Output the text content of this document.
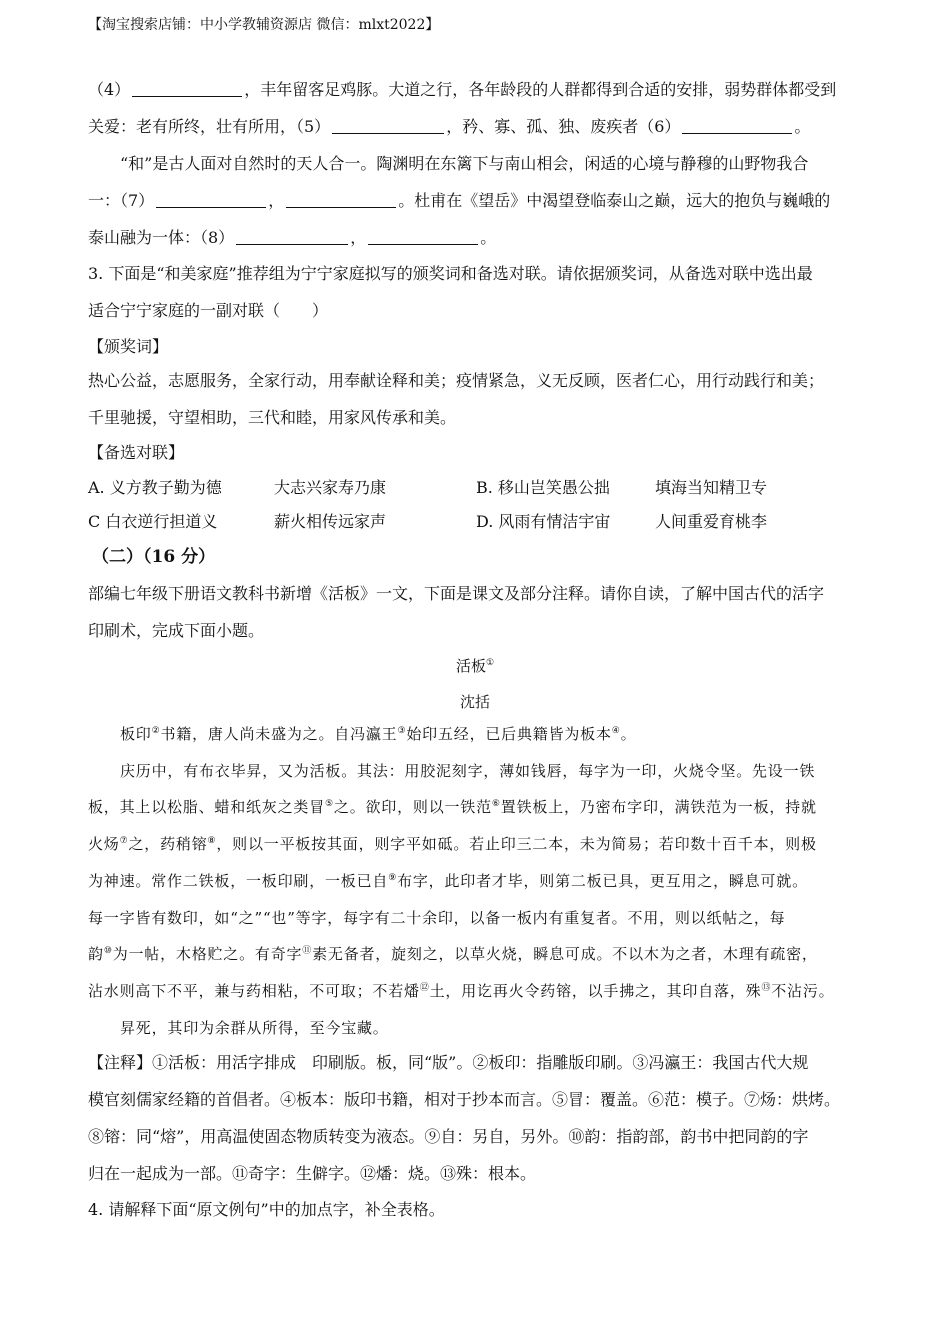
【淘宝搜索店铺：中小学教辅资源店 微信：mlxt2022】
（4）	，丰年留客足鸡豚。大道之行，各年龄段的人群都得到合适的安排，弱势群体都受到
关爱：老有所终，壮有所用，（5）	，矜、寡、孤、独、废疾者（6）	。
“和”是古人面对自然时的天人合一。陶渊明在东篱下与南山相会，闲适的心境与静穆的山野物我合
一：（7）	，	。杜甫在《望岳》中渴望登临泰山之巅，远大的抱负与巍峨的
泰山融为一体：（8）	，	。
3. 下面是“和美家庭”推荐组为宁宁家庭拟写的颁奖词和备选对联。请依据颁奖词，从备选对联中选出最
适合宁宁家庭的一副对联（　　）
【颁奖词】
热心公益，志愿服务，全家行动，用奉献诠释和美；疫情紧急，义无反顾，医者仁心，用行动践行和美；
千里驰援，守望相助，三代和睦，用家风传承和美。
【备选对联】
A. 义方教子勤为德	大志兴家寿乃康	B. 移山岂笑愚公拙	填海当知精卫专
C 白衣逆行担道义	薪火相传远家声	D. 风雨有情洁宇宙	人间重爱育桃李
（二）（16 分）
部编七年级下册语文教科书新增《活板》一文，下面是课文及部分注释。请你自读，了解中国古代的活字
印刷术，完成下面小题。
活板①
沈括
板印②书籍，唐人尚未盛为之。自冯瀛王③始印五经，已后典籍皆为板本④。
庆历中，有布衣毕昇，又为活板。其法：用胶泥刻字，薄如钱唇，每字为一印，火烧令坚。先设一铁
板，其上以松脂、蜡和纸灰之类冒⑤之。欲印，则以一铁范⑥置铁板上，乃密布字印，满铁范为一板，持就
火炀⑦之，药稍镕⑧，则以一平板按其面，则字平如砥。若止印三二本，未为简易；若印数十百千本，则极
为神速。常作二铁板，一板印刷，一板已自⑨布字，此印者才毕，则第二板已具，更互用之，瞬息可就。
每一字皆有数印，如“之”“也”等字，每字有二十余印，以备一板内有重复者。不用，则以纸帖之，每
韵⑩为一帖，木格贮之。有奇字⑪素无备者，旋刻之，以草火烧，瞬息可成。不以木为之者，木理有疏密，
沾水则高下不平，兼与药相粘，不可取；不若燔⑫土，用讫再火令药镕，以手拂之，其印自落，殊⑬不沾污。
昇死，其印为余群从所得，至今宝藏。
【注释】①活板：用活字排成　印刷版。板，同“版”。②板印：指雕版印刷。③冯瀛王：我国古代大规
模官刻儒家经籍的首倡者。④板本：版印书籍，相对于抄本而言。⑤冒：覆盖。⑥范：模子。⑦炀：烘烤。
⑧镕：同“熔”，用高温使固态物质转变为液态。⑨自：另自，另外。⑩韵：指韵部，韵书中把同韵的字
归在一起成为一部。⑪奇字：生僻字。⑫燔：烧。⑬殊：根本。
4. 请解释下面“原文例句”中的加点字，补全表格。
